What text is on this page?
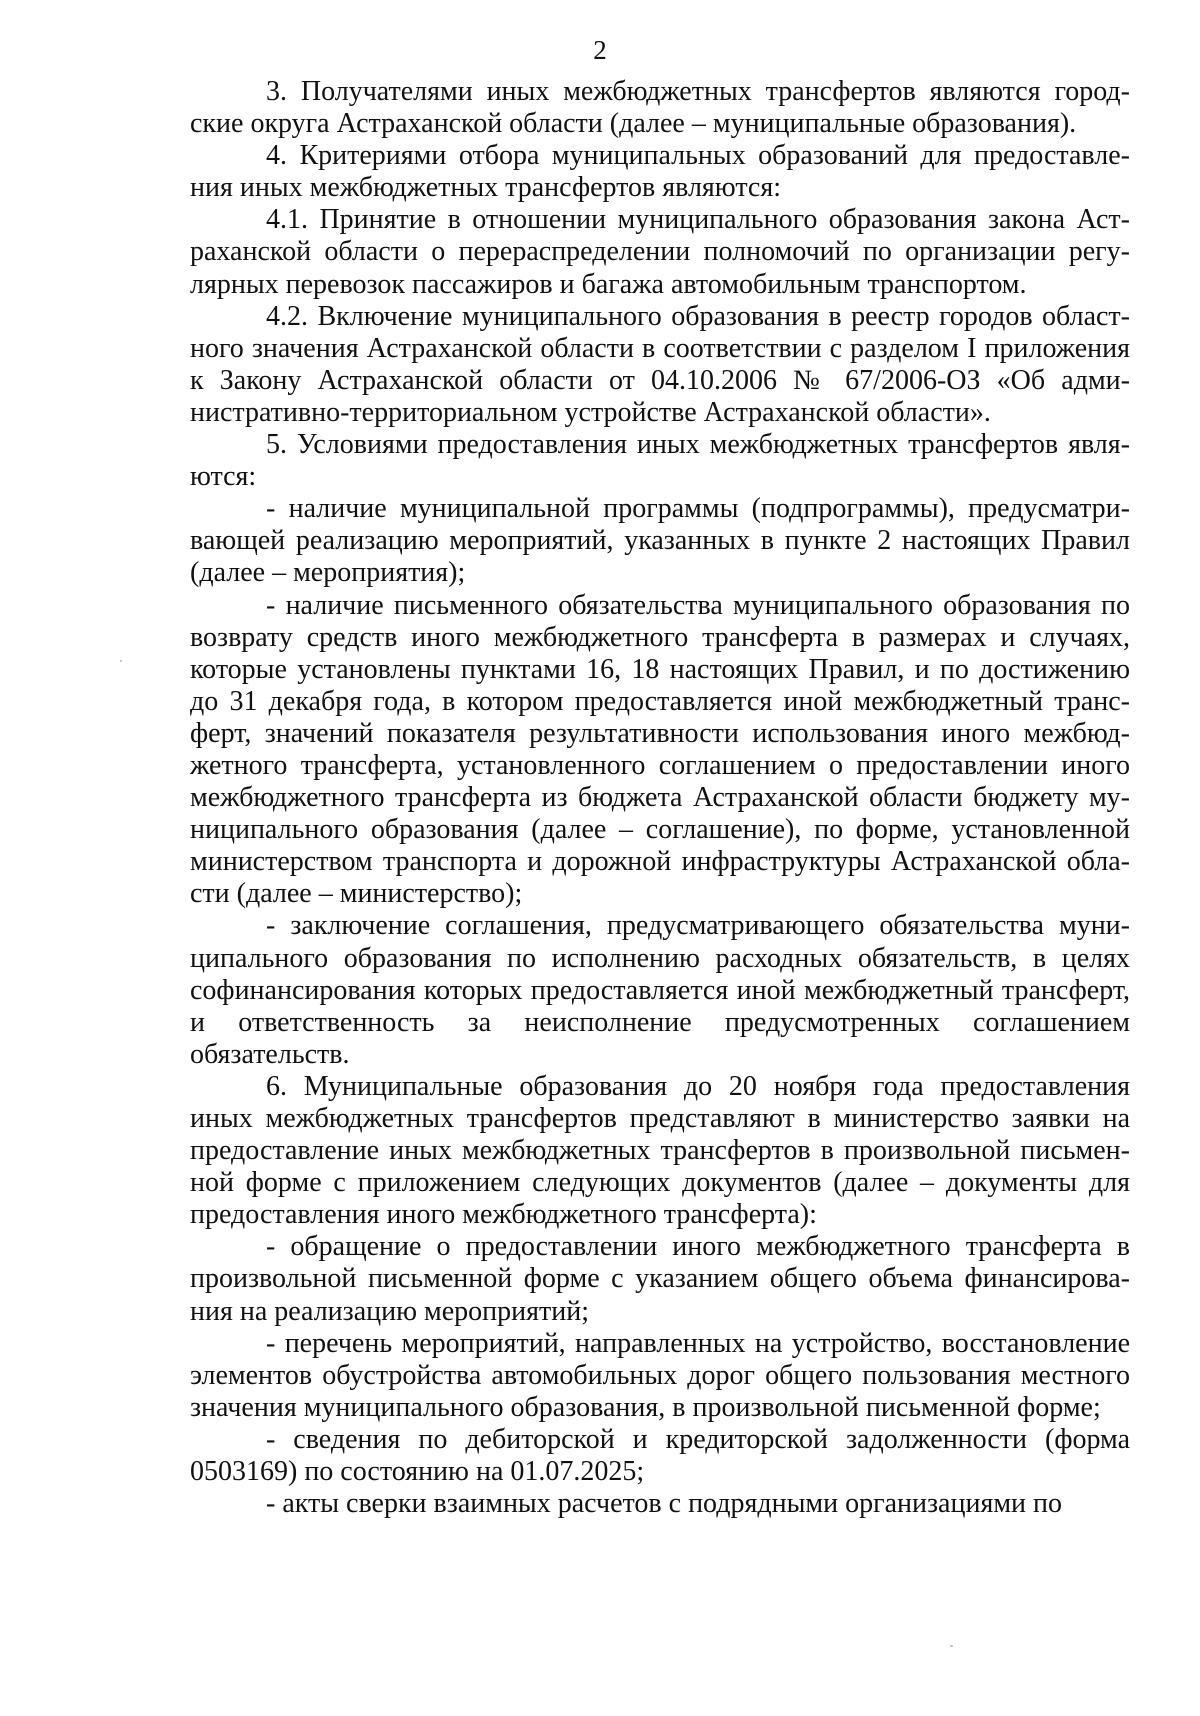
2

3. Получателями иных межбюджетных трансфертов являются городские округа Астраханской области (далее – муниципальные образования).

4. Критериями отбора муниципальных образований для предоставления иных межбюджетных трансфертов являются:

4.1. Принятие в отношении муниципального образования закона Астраханской области о перераспределении полномочий по организации регулярных перевозок пассажиров и багажа автомобильным транспортом.

4.2. Включение муниципального образования в реестр городов областного значения Астраханской области в соответствии с разделом I приложения к Закону Астраханской области от 04.10.2006 № 67/2006-ОЗ «Об административно-территориальном устройстве Астраханской области».

5. Условиями предоставления иных межбюджетных трансфертов являются:

- наличие муниципальной программы (подпрограммы), предусматривающей реализацию мероприятий, указанных в пункте 2 настоящих Правил (далее – мероприятия);

- наличие письменного обязательства муниципального образования по возврату средств иного межбюджетного трансферта в размерах и случаях, которые установлены пунктами 16, 18 настоящих Правил, и по достижению до 31 декабря года, в котором предоставляется иной межбюджетный трансферт, значений показателя результативности использования иного межбюджетного трансферта, установленного соглашением о предоставлении иного межбюджетного трансферта из бюджета Астраханской области бюджету муниципального образования (далее – соглашение), по форме, установленной министерством транспорта и дорожной инфраструктуры Астраханской области (далее – министерство);

- заключение соглашения, предусматривающего обязательства муниципального образования по исполнению расходных обязательств, в целях софинансирования которых предоставляется иной межбюджетный трансферт, и ответственность за неисполнение предусмотренных соглашением обязательств.

6. Муниципальные образования до 20 ноября года предоставления иных межбюджетных трансфертов представляют в министерство заявки на предоставление иных межбюджетных трансфертов в произвольной письменной форме с приложением следующих документов (далее – документы для предоставления иного межбюджетного трансферта):

- обращение о предоставлении иного межбюджетного трансферта в произвольной письменной форме с указанием общего объема финансирования на реализацию мероприятий;

- перечень мероприятий, направленных на устройство, восстановление элементов обустройства автомобильных дорог общего пользования местного значения муниципального образования, в произвольной письменной форме;

- сведения по дебиторской и кредиторской задолженности (форма 0503169) по состоянию на 01.07.2025;

- акты сверки взаимных расчетов с подрядными организациями по
